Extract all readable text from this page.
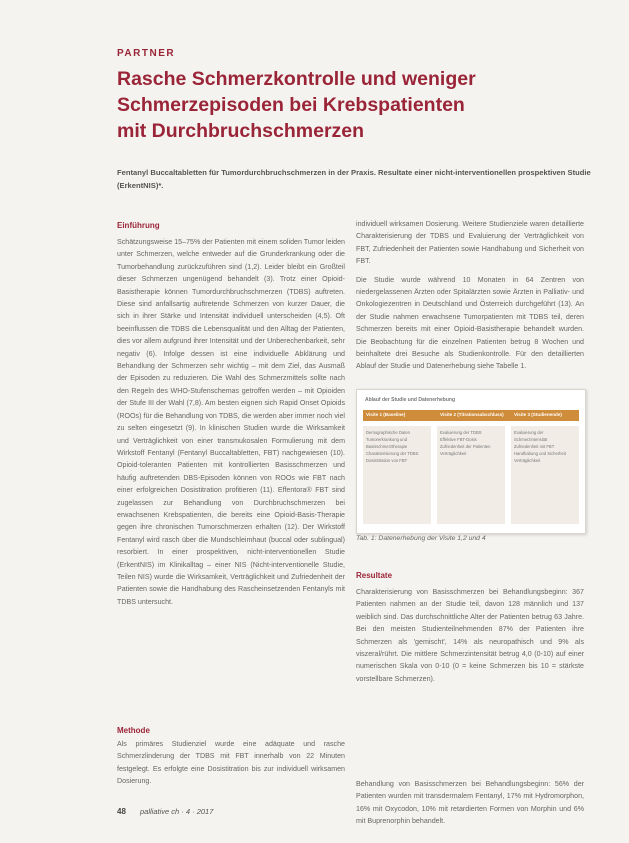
PARTNER
Rasche Schmerzkontrolle und weniger
Schmerzepisoden bei Krebspatienten
mit Durchbruchschmerzen
Fentanyl Buccaltabletten für Tumordurchbruchschmerzen in der Praxis. Resultate einer nicht-interventionellen prospektiven Studie (ErkentNIS)*.
Einführung

Schätzungsweise 15–75% der Patienten mit einem soliden Tumor leiden unter Schmerzen, welche entweder auf die Grunderkrankung oder die Tumorbehandlung zurückzuführen sind (1,2). Leider bleibt ein Großteil dieser Schmerzen ungenügend behandelt (3). Trotz einer Opioid-Basistherapie können Tumordurchbruchschmerzen (TDBS) auftreten. Diese sind anfallsartig auftretende Schmerzen von kurzer Dauer, die sich in ihrer Stärke und Intensität individuell unterscheiden (4,5). Oft beeinflussen die TDBS die Lebensqualität und den Alltag der Patienten, dies vor allem aufgrund ihrer Intensität und der Unberechenbarkeit, sehr negativ (6). Infolge dessen ist eine individuelle Abklärung und Behandlung der Schmerzen sehr wichtig – mit dem Ziel, das Ausmaß der Episoden zu reduzieren. Die Wahl des Schmerzmittels sollte nach den Regeln des WHO-Stufenschemas getroffen werden – mit Opioiden der Stufe III der Wahl (7,8). Am besten eignen sich Rapid Onset Opioids (ROOs) für die Behandlung von TDBS, die werden aber immer noch viel zu selten eingesetzt (9). In klinischen Studien wurde die Wirksamkeit und Verträglichkeit von einer transmukosalen Formulierung mit dem Wirkstoff Fentanyl (Fentanyl Buccaltabletten, FBT) nachgewiesen (10). Opioid-toleranten Patienten mit kontrollierten Basisschmerzen und häufig auftretenden DBS-Episoden können von ROOs wie FBT nach einer erfolgreichen Dosistitration profitieren (11). Effentora® FBT sind zugelassen zur Behandlung von Durchbruchschmerzen bei erwachsenen Krebspatienten, die bereits eine Opioid-Basis-Therapie gegen ihre chronischen Tumorschmerzen erhalten (12). Der Wirkstoff Fentanyl wird rasch über die Mundschleimhaut (buccal oder sublingual) resorbiert. In einer prospektiven, nicht-interventionellen Studie (ErkentNIS) im Klinikalltag – einer NIS (Nicht-interventionelle Studie, Teilen NIS) wurde die Wirksamkeit, Verträglichkeit und Zufriedenheit der Patienten sowie die Handhabung des Rascheinsetzenden Fentanyls mit TDBS untersucht.

Methode

Als primäres Studienziel wurde eine adäquate und rasche Schmerzlinderung der TDBS mit FBT innerhalb von 22 Minuten festgelegt. Es erfolgte eine Dosistitration bis zur individuell wirksamen Dosierung.

individuell wirksamen Dosierung. Weitere Studienziele waren detaillierte Charakterisierung der TDBS und Evaluierung der Verträglichkeit von FBT, Zufriedenheit der Patienten sowie Handhabung und Sicherheit von FBT.

Die Studie wurde während 10 Monaten in 64 Zentren von niedergelassenen Ärzten oder Spitalärzten sowie Ärzten in Palliativ- und Onkologiezentren in Deutschland und Österreich durchgeführt (13). An der Studie nahmen erwachsene Tumorpatienten mit TDBS teil, deren Schmerzen bereits mit einer Opioid-Basistherapie behandelt wurden. Die Beobachtung für die einzelnen Patienten betrug 8 Wochen und beinhaltete drei Besuche als Studienkontrolle. Für den detaillierten Ablauf der Studie und Datenerhebung siehe Tabelle 1.

Ablauf der Studie und Datenerhebung
Visite 1 (Baseline)
Demographische Daten
Tumorerkrankung und Basisschmerztherapie
Charakterisierung der TDBS
Dosistitration von FBT
Visite 2 (Titrationsabschluss)
Evaluierung der TDBS
Effektive FBT-Dosis
Zufriedenheit der Patienten
Verträglichkeit
Visite 3 (Studienende)
Evaluierung der Schmerzintensität
Zufriedenheit mit FBT
Handhabung und Sicherheit
Verträglichkeit
Tab. 1: Datenerhebung der Visite 1,2 und 4
Resultate

Charakterisierung von Basisschmerzen bei Behandlungsbeginn: 367 Patienten nahmen an der Studie teil, davon 128 männlich und 137 weiblich sind. Das durchschnittliche Alter der Patienten betrug 63 Jahre. Bei den meisten Studienteilnehmenden 87% der Patienten ihre Schmerzen als 'gemischt', 14% als neuropathisch und 9% als viszeral/rührt. Die mittlere Schmerzintensität betrug 4,0 (0-10) auf einer numerischen Skala von 0-10 (0 = keine Schmerzen bis 10 = stärkste vorstellbare Schmerzen).

Behandlung von Basisschmerzen bei Behandlungsbeginn: 56% der Patienten wurden mit transdermalem Fentanyl, 17% mit Hydromorphon, 16% mit Oxycodon, 10% mit retardierten Formen von Morphin und 6% mit Buprenorphin behandelt.

48 palliative ch · 4 · 2017
